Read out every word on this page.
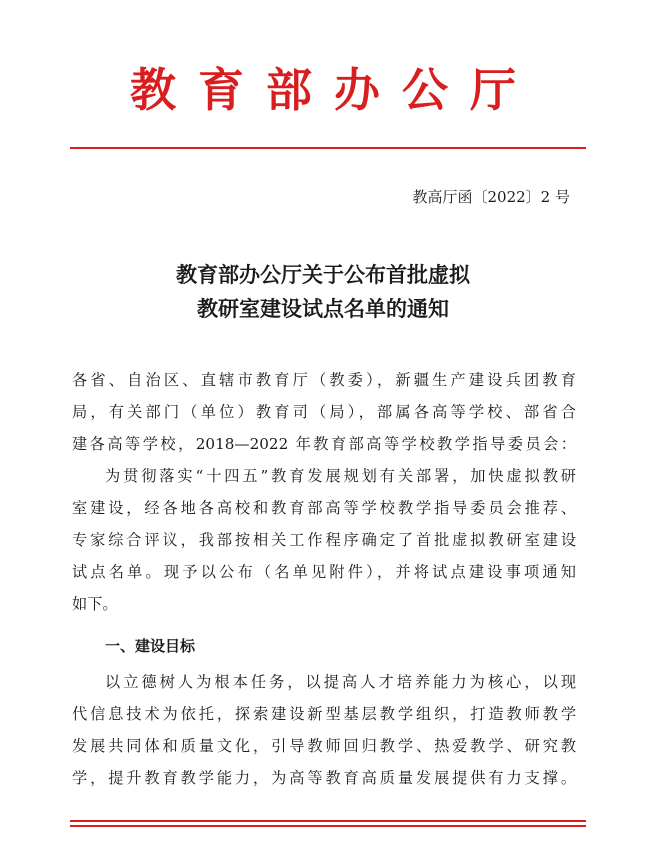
教育部办公厅
教高厅函〔2022〕2 号
教育部办公厅关于公布首批虚拟
教研室建设试点名单的通知
各省、自治区、直辖市教育厅（教委），新疆生产建设兵团教育
局，有关部门（单位）教育司（局），部属各高等学校、部省合
建各高等学校，2018—2022 年教育部高等学校教学指导委员会：
为贯彻落实“十四五”教育发展规划有关部署，加快虚拟教研
室建设，经各地各高校和教育部高等学校教学指导委员会推荐、
专家综合评议，我部按相关工作程序确定了首批虚拟教研室建设
试点名单。现予以公布（名单见附件），并将试点建设事项通知
如下。
一、建设目标
以立德树人为根本任务，以提高人才培养能力为核心，以现
代信息技术为依托，探索建设新型基层教学组织，打造教师教学
发展共同体和质量文化，引导教师回归教学、热爱教学、研究教
学，提升教育教学能力，为高等教育高质量发展提供有力支撑。
